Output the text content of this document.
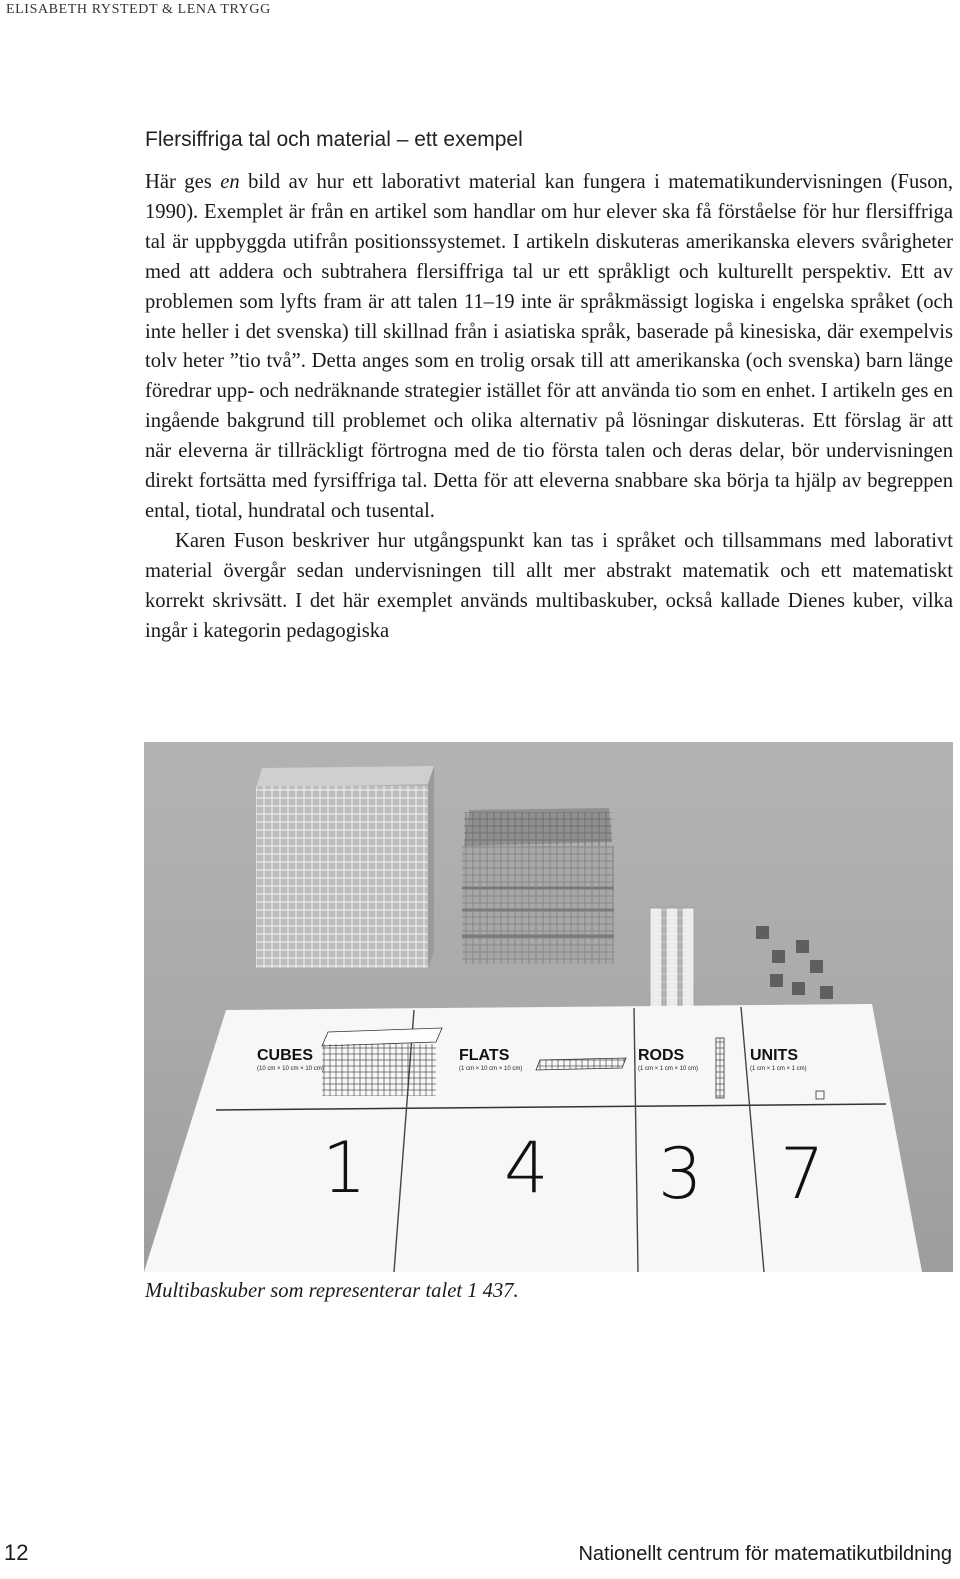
ELISABETH RYSTEDT & LENA TRYGG
Flersiffriga tal och material – ett exempel

Här ges en bild av hur ett laborativt material kan fungera i matematikundervisningen (Fuson, 1990). Exemplet är från en artikel som handlar om hur elever ska få förståelse för hur flersiffriga tal är uppbyggda utifrån positionssystemet. I artikeln diskuteras amerikanska elevers svårigheter med att addera och subtrahera flersiffriga tal ur ett språkligt och kulturellt perspektiv. Ett av problemen som lyfts fram är att talen 11–19 inte är språkmässigt logiska i engelska språket (och inte heller i det svenska) till skillnad från i asiatiska språk, baserade på kinesiska, där exempelvis tolv heter ”tio två”. Detta anges som en trolig orsak till att amerikanska (och svenska) barn länge föredrar upp- och nedräknande strategier istället för att använda tio som en enhet. I artikeln ges en ingående bakgrund till problemet och olika alternativ på lösningar diskuteras. Ett förslag är att när eleverna är tillräckligt förtrogna med de tio första talen och deras delar, bör undervisningen direkt fortsätta med fyrsiffriga tal. Detta för att eleverna snabbare ska börja ta hjälp av begreppen ental, tiotal, hundratal och tusental.

Karen Fuson beskriver hur utgångspunkt kan tas i språket och tillsammans med laborativt material övergår sedan undervisningen till allt mer abstrakt matematik och ett matematiskt korrekt skrivsätt. I det här exemplet används multibaskuber, också kallade Dienes kuber, vilka ingår i kategorin pedagogiska

CUBES
(10 cm × 10 cm × 10 cm)
FLATS
(1 cm × 10 cm × 10 cm)
RODS
(1 cm × 1 cm × 10 cm)
UNITS
(1 cm × 1 cm × 1 cm)
1 4 3 7
Multibaskuber som representerar talet 1 437.
12	Nationellt centrum för matematikutbildning
